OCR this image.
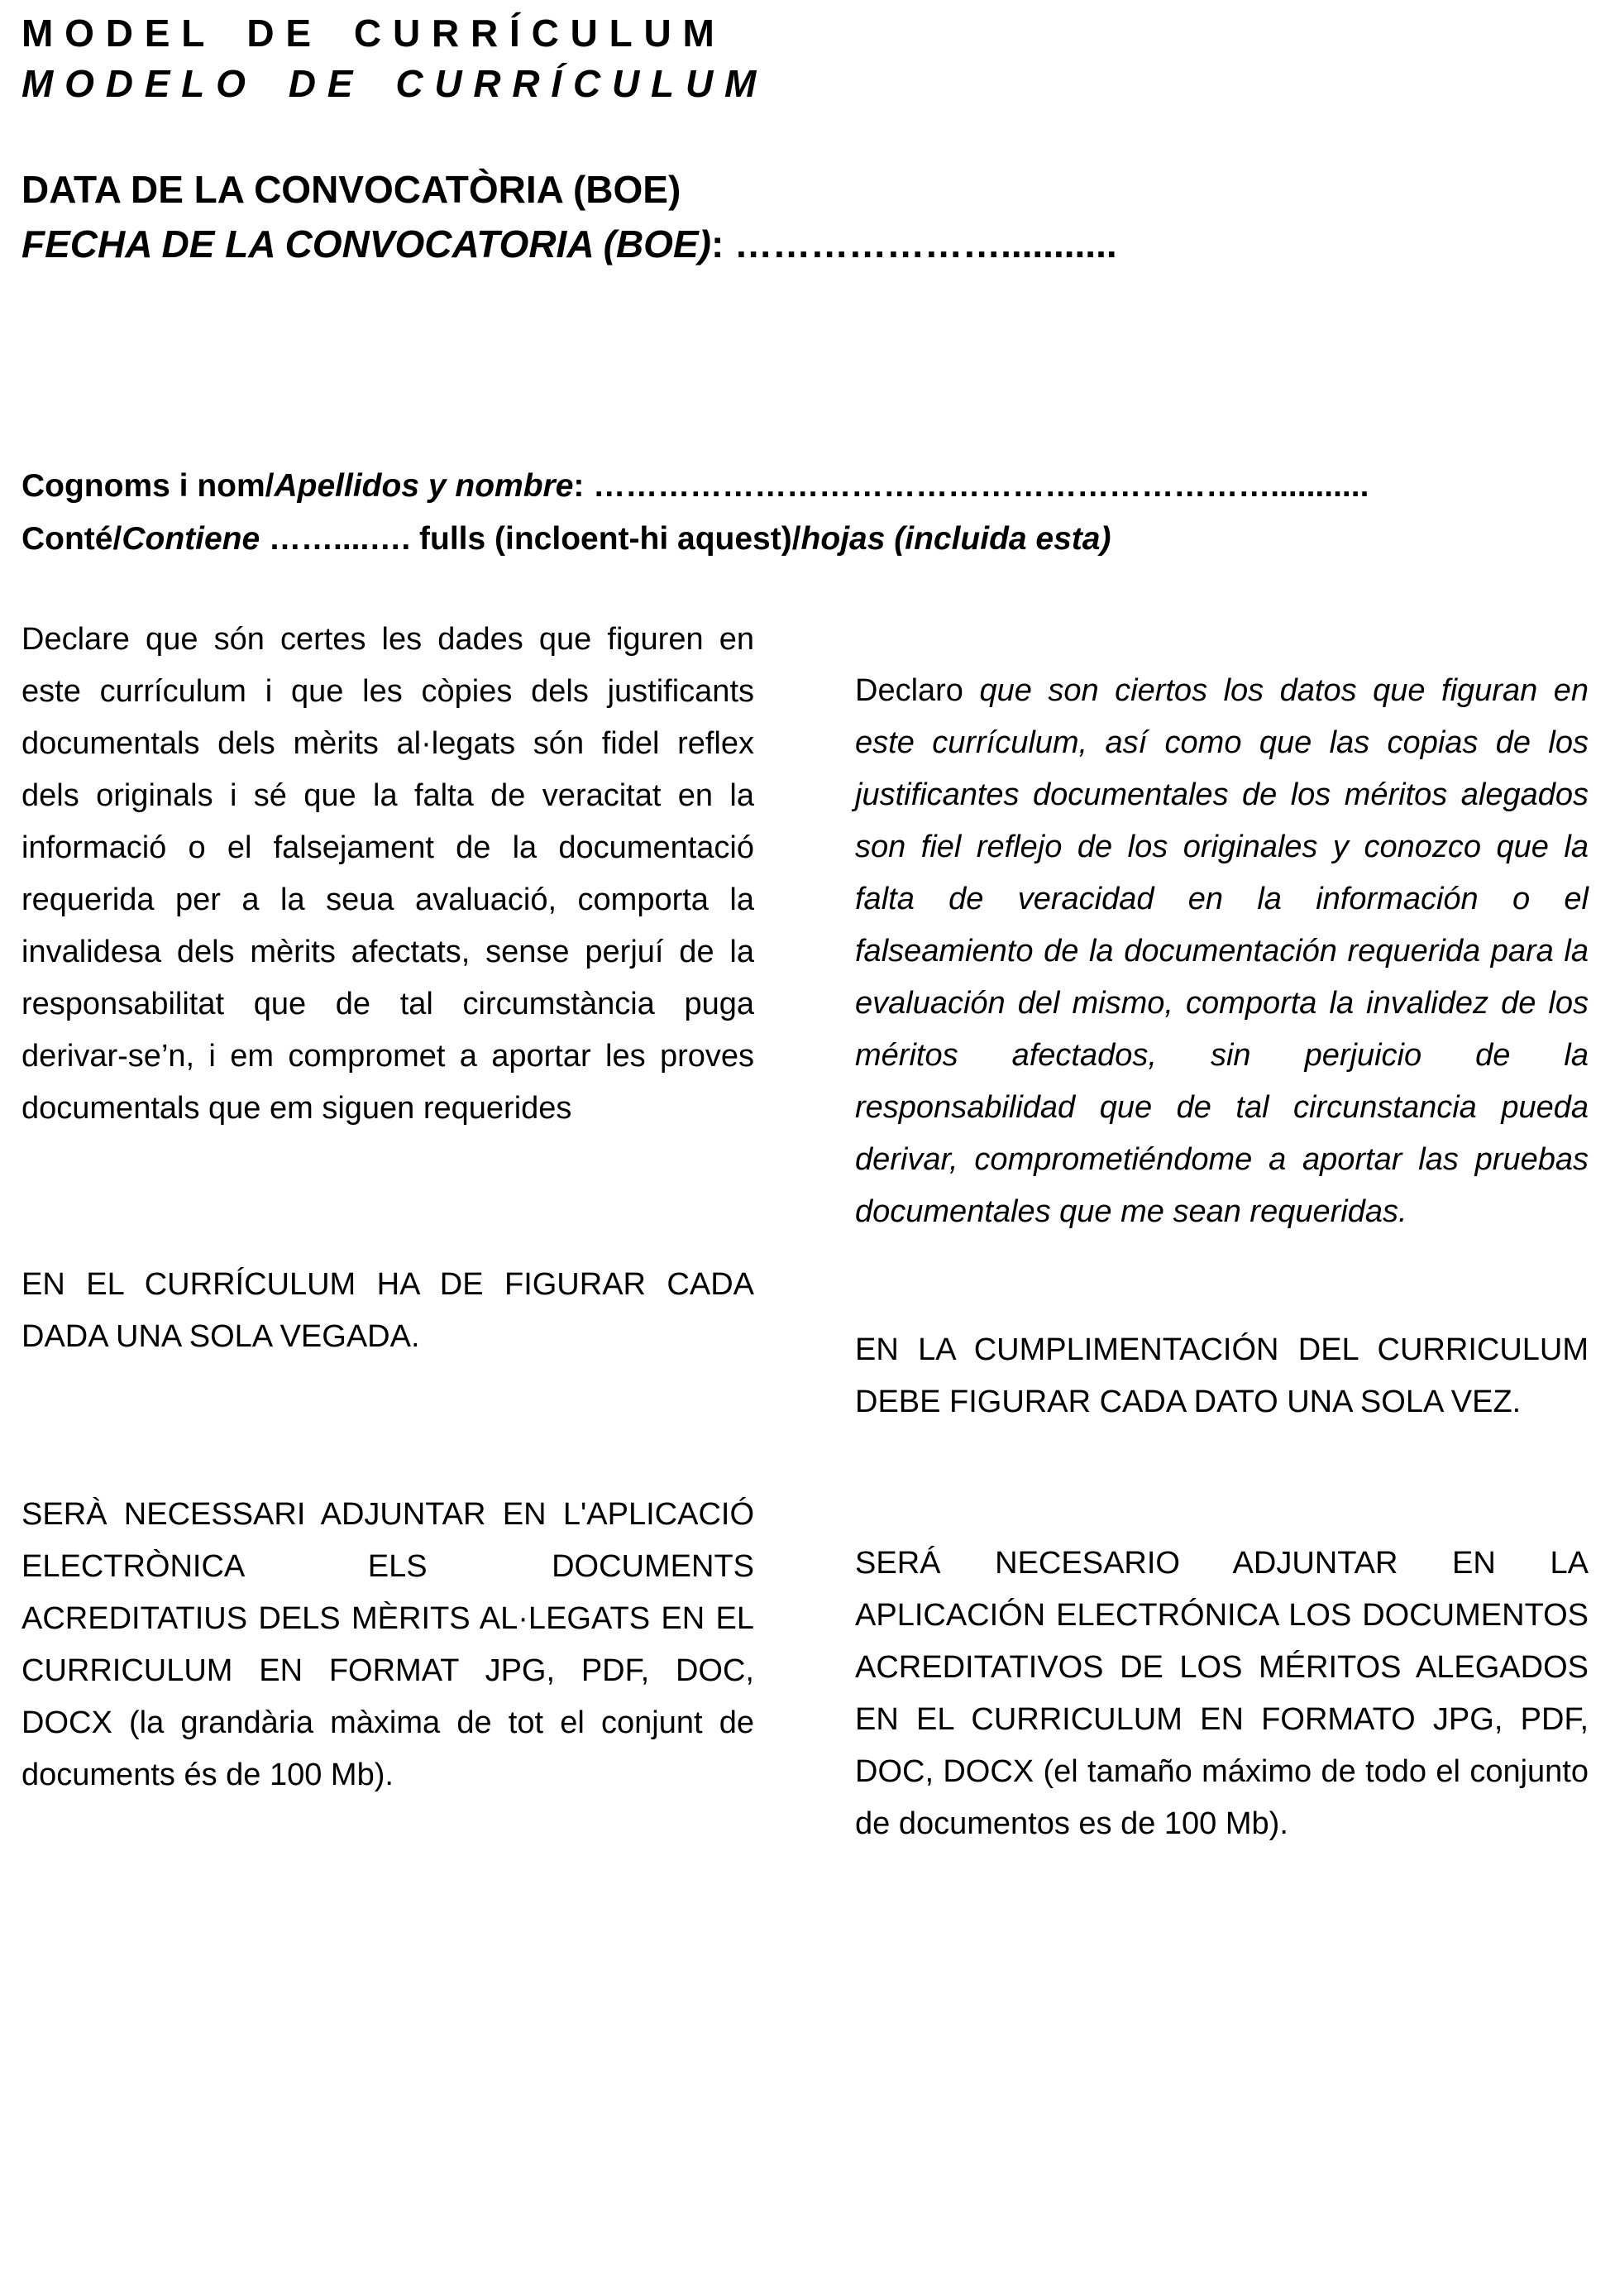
MODEL DE CURRÍCULUM
MODELO DE CURRÍCULUM
DATA DE LA CONVOCATÒRIA (BOE)
FECHA DE LA CONVOCATORIA (BOE): …………………...........
Cognoms i nom/Apellidos y nombre: ………………………………………………………...........
Conté/Contiene ……....…. fulls (incloent-hi aquest)/hojas (incluida esta)

Declare que són certes les dades que figuren en este currículum i que les còpies dels justificants documentals dels mèrits al·legats són fidel reflex dels originals i sé que la falta de veracitat en la informació o el falsejament de la documentació requerida per a la seua avaluació, comporta la invalidesa dels mèrits afectats, sense perjuí de la responsabilitat que de tal circumstància puga derivar-se’n, i em compromet a aportar les proves documentals que em siguen requerides

EN EL CURRÍCULUM HA DE FIGURAR CADA DADA UNA SOLA VEGADA.

SERÀ NECESSARI ADJUNTAR EN L'APLICACIÓ ELECTRÒNICA ELS DOCUMENTS ACREDITATIUS DELS MÈRITS AL·LEGATS EN EL CURRICULUM EN FORMAT JPG, PDF, DOC, DOCX (la grandària màxima de tot el conjunt de documents és de 100 Mb).

Declaro que son ciertos los datos que figuran en este currículum, así como que las copias de los justificantes documentales de los méritos alegados son fiel reflejo de los originales y conozco que la falta de veracidad en la información o el falseamiento de la documentación requerida para la evaluación del mismo, comporta la invalidez de los méritos afectados, sin perjuicio de la responsabilidad que de tal circunstancia pueda derivar, comprometiéndome a aportar las pruebas documentales que me sean requeridas.

EN LA CUMPLIMENTACIÓN DEL CURRICULUM DEBE FIGURAR CADA DATO UNA SOLA VEZ.

SERÁ NECESARIO ADJUNTAR EN LA APLICACIÓN ELECTRÓNICA LOS DOCUMENTOS ACREDITATIVOS DE LOS MÉRITOS ALEGADOS EN EL CURRICULUM EN FORMATO JPG, PDF, DOC, DOCX (el tamaño máximo de todo el conjunto de documentos es de 100 Mb).
